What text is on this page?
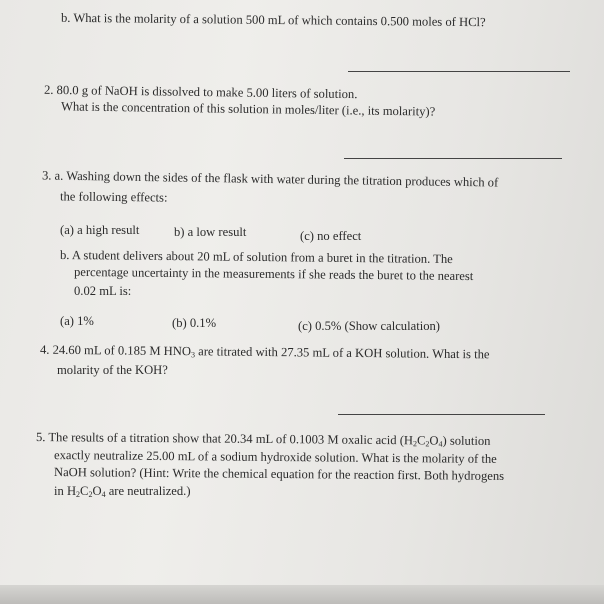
b. What is the molarity of a solution 500 mL of which contains 0.500 moles of HCl?
2. 80.0 g of NaOH is dissolved to make 5.00 liters of solution.
What is the concentration of this solution in moles/liter (i.e., its molarity)?
3. a. Washing down the sides of the flask with water during the titration produces which of
the following effects:
(a) a high result	b) a low result	(c) no effect
b. A student delivers about 20 mL of solution from a buret in the titration. The
percentage uncertainty in the measurements if she reads the buret to the nearest
0.02 mL is:
(a) 1%	(b) 0.1%	(c) 0.5% (Show calculation)
4. 24.60 mL of 0.185 M $HNO_3$ are titrated with 27.35 mL of a KOH solution. What is the
molarity of the KOH?
5. The results of a titration show that 20.34 mL of 0.1003 M oxalic acid $(H_2C_2O_4)$ solution
exactly neutralize 25.00 mL of a sodium hydroxide solution. What is the molarity of the
NaOH solution? (Hint: Write the chemical equation for the reaction first. Both hydrogens
in $H_2C_2O_4$ are neutralized.)
